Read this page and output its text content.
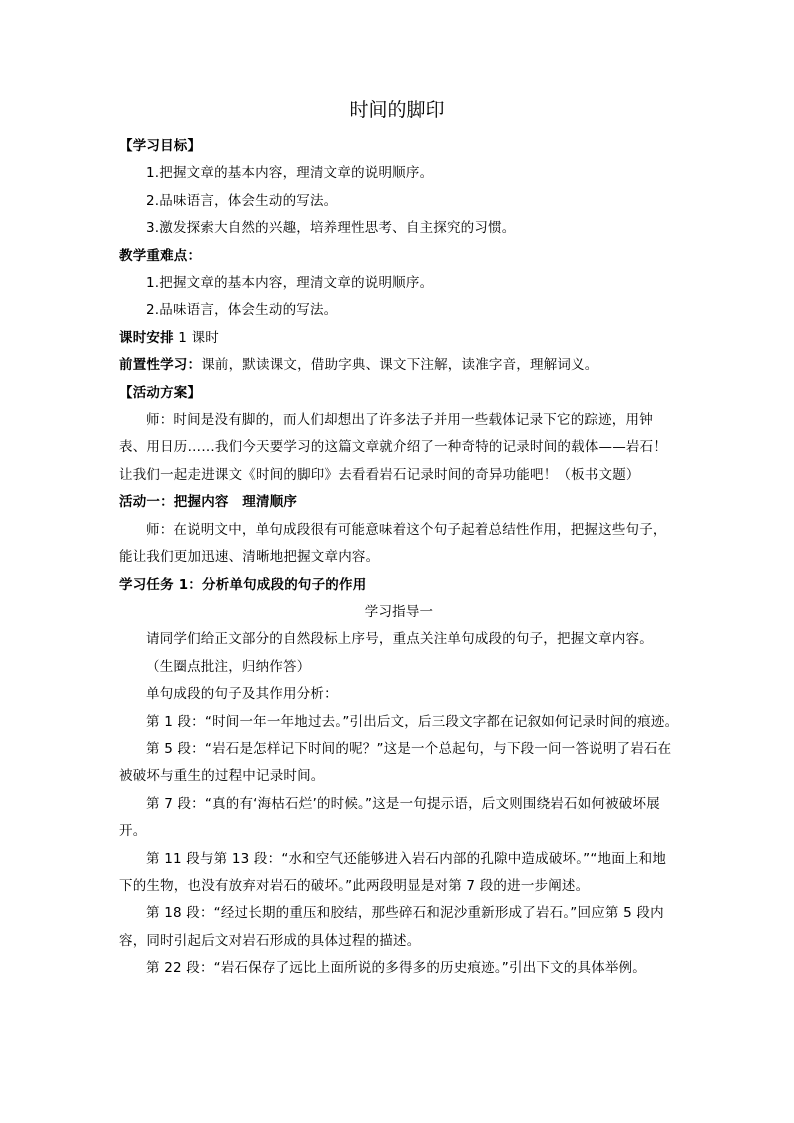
时间的脚印

【学习目标】

1.把握文章的基本内容，理清文章的说明顺序。

2.品味语言，体会生动的写法。

3.激发探索大自然的兴趣，培养理性思考、自主探究的习惯。

教学重难点：

1.把握文章的基本内容，理清文章的说明顺序。

2.品味语言，体会生动的写法。

课时安排 1 课时

前置性学习：课前，默读课文，借助字典、课文下注解，读准字音，理解词义。

【活动方案】

师：时间是没有脚的，而人们却想出了许多法子并用一些载体记录下它的踪迹，用钟表、用日历……我们今天要学习的这篇文章就介绍了一种奇特的记录时间的载体——岩石！让我们一起走进课文《时间的脚印》去看看岩石记录时间的奇异功能吧！（板书文题）

活动一：把握内容　理清顺序

师：在说明文中，单句成段很有可能意味着这个句子起着总结性作用，把握这些句子，能让我们更加迅速、清晰地把握文章内容。

学习任务 1：分析单句成段的句子的作用

学习指导一

请同学们给正文部分的自然段标上序号，重点关注单句成段的句子，把握文章内容。

（生圈点批注，归纳作答）

单句成段的句子及其作用分析：

第 1 段：“时间一年一年地过去。”引出后文，后三段文字都在记叙如何记录时间的痕迹。

第 5 段：“岩石是怎样记下时间的呢？”这是一个总起句，与下段一问一答说明了岩石在被破坏与重生的过程中记录时间。

第 7 段：“真的有‘海枯石烂’的时候。”这是一句提示语，后文则围绕岩石如何被破坏展开。

第 11 段与第 13 段：“水和空气还能够进入岩石内部的孔隙中造成破坏。”“地面上和地下的生物，也没有放弃对岩石的破坏。”此两段明显是对第 7 段的进一步阐述。

第 18 段：“经过长期的重压和胶结，那些碎石和泥沙重新形成了岩石。”回应第 5 段内容，同时引起后文对岩石形成的具体过程的描述。

第 22 段：“岩石保存了远比上面所说的多得多的历史痕迹。”引出下文的具体举例。
